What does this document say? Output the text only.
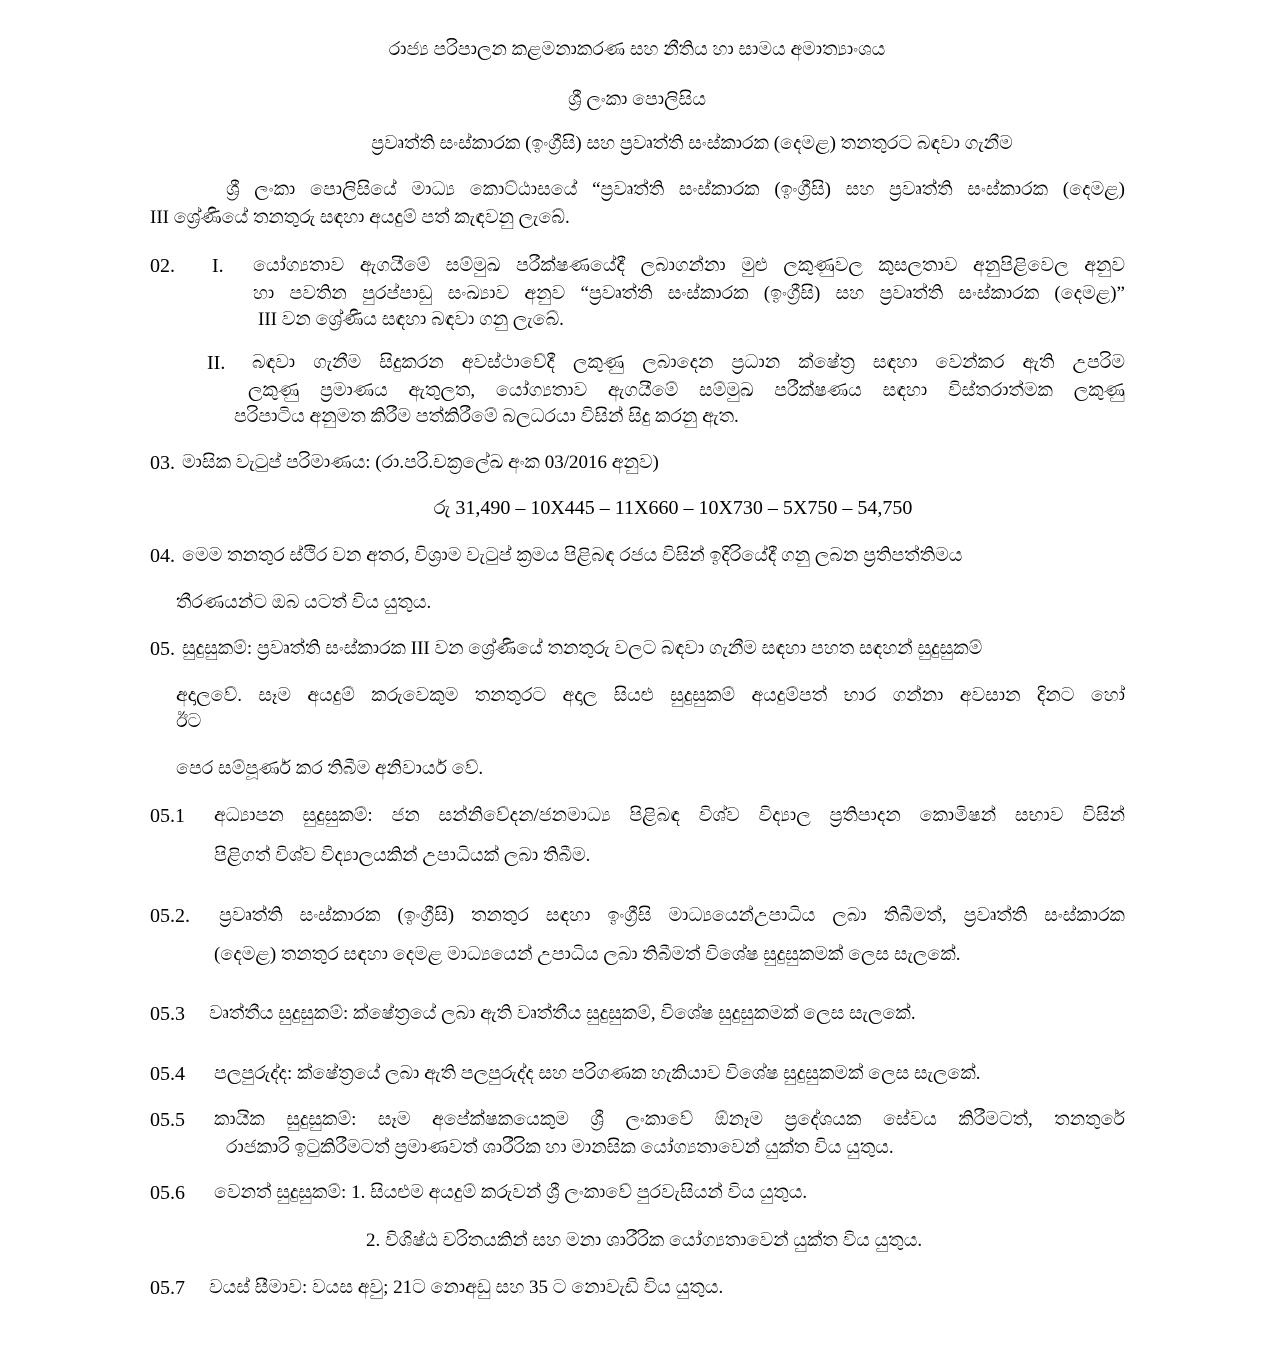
රාජ්‍ය පරිපාලන කළමනාකරණ සහ නීතිය හා සාමය අමාත්‍යාංශය
ශ්‍රී ලංකා පොලිසිය
ප්‍රවෘත්ති සංස්කාරක (ඉංග්‍රීසි) සහ ප්‍රවෘත්ති සංස්කාරක (දෙමළ) තනතුරට බඳවා ගැනීම
ශ්‍රී ලංකා පොලිසියේ මාධ්‍ය කොට්ඨාසයේ “ප්‍රවෘත්ති සංස්කාරක (ඉංග්‍රීසි) සහ ප්‍රවෘත්ති සංස්කාරක (දෙමළ)
III ශ්‍රේණියේ තනතුරු සඳහා අයදුම් පත් කැඳවනු ලැබේ.
02.	I.	යෝග්‍යතාව ඇගයීමේ සම්මුඛ පරීක්ෂණයේදී ලබාගන්නා මුළු ලකුණුවල කුසලතාව අනුපිළිවෙල අනුව
හා පවතින පුරප්පාඩු සංඛ්‍යාව අනුව “ප්‍රවෘත්ති සංස්කාරක (ඉංග්‍රීසි) සහ ප්‍රවෘත්ති සංස්කාරක (දෙමළ)”
III වන ශ්‍රේණිය සඳහා බඳවා ගනු ලැබේ.
II.	බඳවා ගැනීම සිදුකරන අවස්ථාවේදී ලකුණු ලබාදෙන ප්‍රධාන ක්ෂේත්‍ර සඳහා වෙන්කර ඇති උපරිම
ලකුණු ප්‍රමාණය ඇතුලත, යෝග්‍යතාව ඇගයීමේ සම්මුඛ පරීක්ෂණය සඳහා විස්තරාත්මක ලකුණු
පරිපාටිය අනුමත කිරීම පත්කිරීමේ බලධරයා විසින් සිදු කරනු ඇත.
03. මාසික වැටුප් පරිමාණය: (රා.පරි.චක්‍රලේඛ අංක 03/2016 අනුව)
රු 31,490 – 10X445 – 11X660 – 10X730 – 5X750 – 54,750
04. මෙම තනතුර ස්ථිර වන අතර, විශ්‍රාම වැටුප් ක්‍රමය පිළිබඳ රජය විසින් ඉදිරියේදී ගනු ලබන ප්‍රතිපත්තිමය
තීරණයන්ට ඔබ යටත් විය යුතුය.
05. සුදුසුකම්: ප්‍රවෘත්ති සංස්කාරක III වන ශ්‍රේණියේ තනතුරු වලට බඳවා ගැනීම සඳහා පහත සඳහන් සුදුසුකම්
අදාලවේ. සෑම අයදුම් කරුවෙකුම තනතුරට අදාල සියළු සුදුසුකම් අයදුම්පත් භාර ගන්නා අවසාන දිනට හෝ
ඊට
පෙර සම්පූර්ණ කර තිබීම අනිවාර්ය වේ.
05.1	අධ්‍යාපන සුදුසුකම්: ජන සන්නිවේදන/ජනමාධ්‍ය පිළිබඳ විශ්ව විද්‍යාල ප්‍රතිපාදන කොමිෂන් සභාව විසින්
පිළිගත් විශ්ව විද්‍යාලයකින් උපාධියක් ලබා තිබීම.
05.2.	ප්‍රවෘත්ති සංස්කාරක (ඉංග්‍රීසි) තනතුර සඳහා ඉංග්‍රීසි මාධ්‍යයෙන්උපාධිය ලබා තිබීමත්, ප්‍රවෘත්ති සංස්කාරක
(දෙමළ) තනතුර සඳහා දෙමළ මාධ්‍යයෙන් උපාධිය ලබා තිබීමත් විශේෂ සුදුසුකමක් ලෙස සැලකේ.
05.3	වෘත්තීය සුදුසුකම්: ක්ෂේත්‍රයේ ලබා ඇති වෘත්තීය සුදුසුකම්, විශේෂ සුදුසුකමක් ලෙස සැලකේ.
05.4	පලපුරුද්ද: ක්ෂේත්‍රයේ ලබා ඇති පලපුරුද්ද සහ පරිගණක හැකියාව විශේෂ සුදුසුකමක් ලෙස සැලකේ.
05.5	කායික සුදුසුකම්: සෑම අපේක්ෂකයෙකුම ශ්‍රී ලංකාවේ ඕනෑම ප්‍රදේශයක සේවය කිරීමටත්, තනතුරේ
රාජකාරි ඉටුකිරීමටත් ප්‍රමාණවත් ශාරීරික හා මානසික යෝග්‍යතාවෙන් යුක්ත විය යුතුය.
05.6	වෙනත් සුදුසුකම්: 1. සියළුම අයදුම් කරුවන් ශ්‍රී ලංකාවේ පුරවැසියන් විය යුතුය.
2. විශිෂ්ඨ චරිතයකින් සහ මනා ශාරීරික යෝග්‍යතාවෙන් යුක්ත විය යුතුය.
05.7	වයස් සීමාව: වයස අවු; 21ට නොඅඩු සහ 35 ට නොවැඩි විය යුතුය.
